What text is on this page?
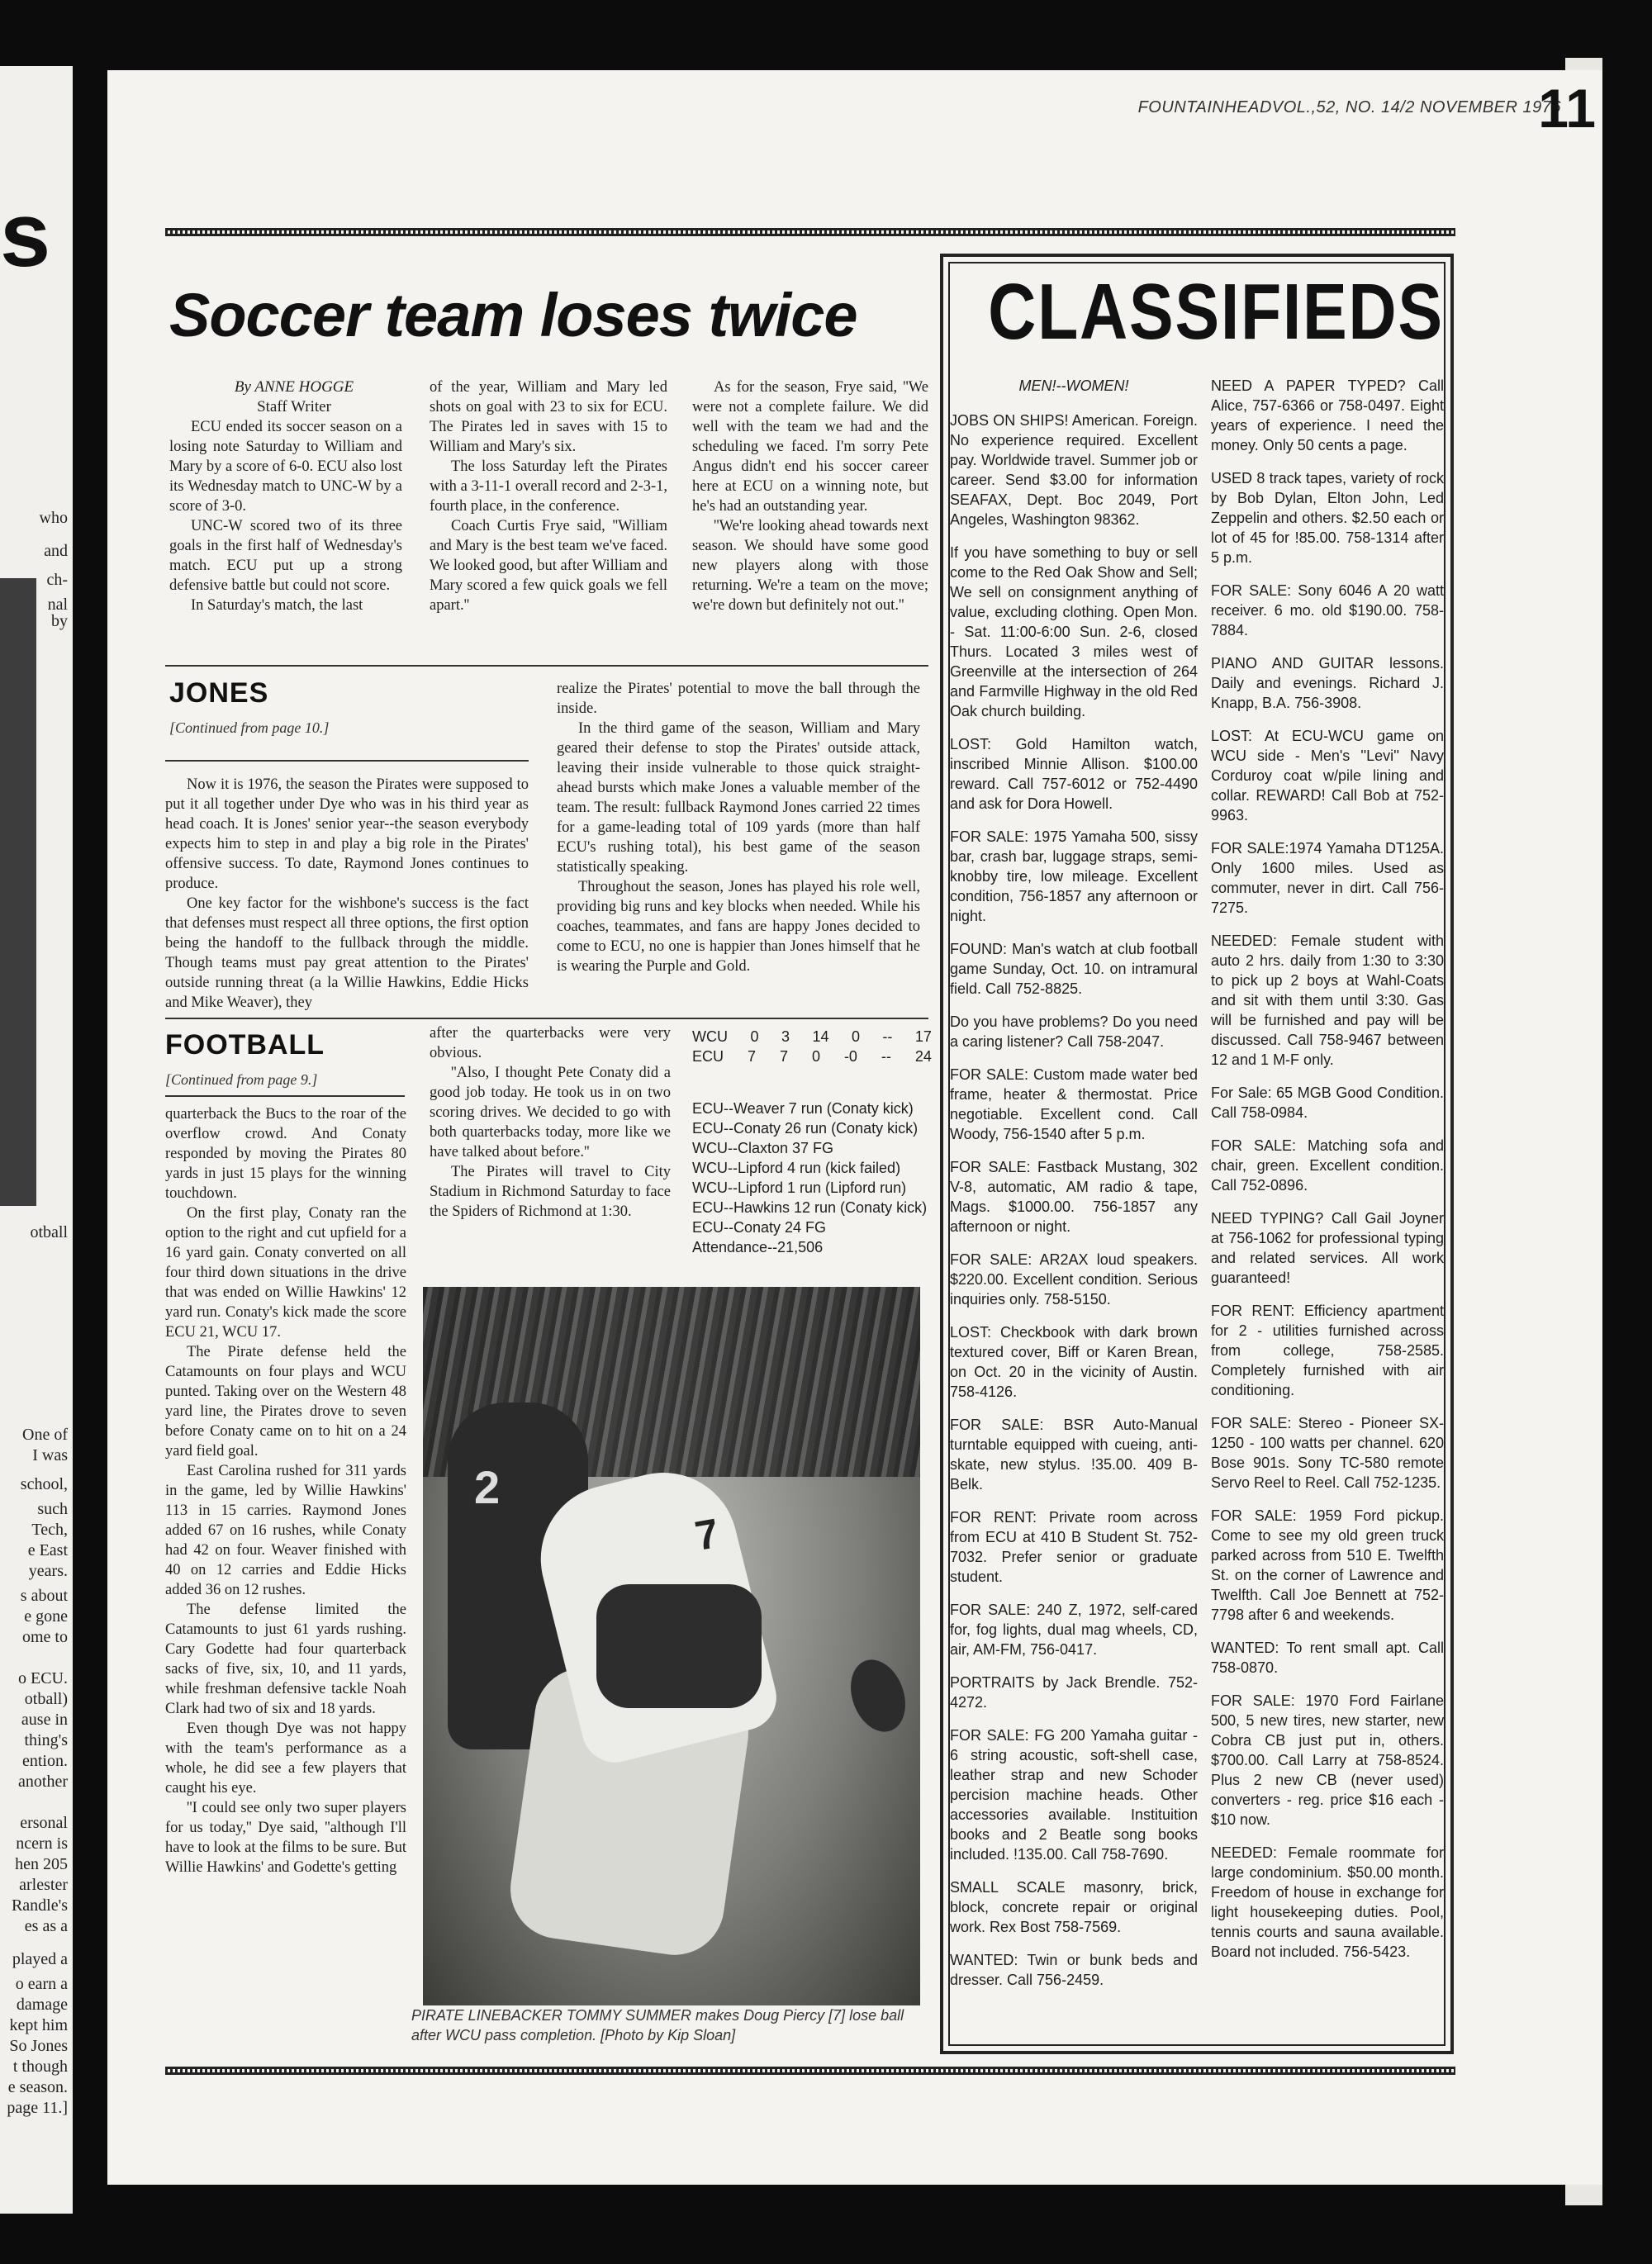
s
who
and
ch-
nal
by
otball
One of
I was
school,
such
Tech,
e East
years.
s about
e gone
ome to
o ECU.
otball)
ause in
thing's
ention.
another
ersonal
ncern is
hen 205
arlester
Randle's
es as a
played a
o earn a
damage
kept him
So Jones
t though
e season.
page 11.]
FOUNTAINHEADVOL.,52, NO. 14/2 NOVEMBER 1976
11
Soccer team loses twice
By ANNE HOGGE
Staff Writer

ECU ended its soccer season on a losing note Saturday to William and Mary by a score of 6-0. ECU also lost its Wednesday match to UNC-W by a score of 3-0.

UNC-W scored two of its three goals in the first half of Wednesday's match. ECU put up a strong defensive battle but could not score.

In Saturday's match, the last

of the year, William and Mary led shots on goal with 23 to six for ECU. The Pirates led in saves with 15 to William and Mary's six.

The loss Saturday left the Pirates with a 3-11-1 overall record and 2-3-1, fourth place, in the conference.

Coach Curtis Frye said, ''William and Mary is the best team we've faced. We looked good, but after William and Mary scored a few quick goals we fell apart.''

As for the season, Frye said, ''We were not a complete failure. We did well with the team we had and the scheduling we faced. I'm sorry Pete Angus didn't end his soccer career here at ECU on a winning note, but he's had an outstanding year.

''We're looking ahead towards next season. We should have some good new players along with those returning. We're a team on the move; we're down but definitely not out.''

JONES
[Continued from page 10.]

Now it is 1976, the season the Pirates were supposed to put it all together under Dye who was in his third year as head coach. It is Jones' senior year--the season everybody expects him to step in and play a big role in the Pirates' offensive success. To date, Raymond Jones continues to produce.

One key factor for the wishbone's success is the fact that defenses must respect all three options, the first option being the handoff to the fullback through the middle. Though teams must pay great attention to the Pirates' outside running threat (a la Willie Hawkins, Eddie Hicks and Mike Weaver), they

realize the Pirates' potential to move the ball through the inside.

In the third game of the season, William and Mary geared their defense to stop the Pirates' outside attack, leaving their inside vulnerable to those quick straight-ahead bursts which make Jones a valuable member of the team. The result: fullback Raymond Jones carried 22 times for a game-leading total of 109 yards (more than half ECU's rushing total), his best game of the season statistically speaking.

Throughout the season, Jones has played his role well, providing big runs and key blocks when needed. While his coaches, teammates, and fans are happy Jones decided to come to ECU, no one is happier than Jones himself that he is wearing the Purple and Gold.

FOOTBALL
[Continued from page 9.]

quarterback the Bucs to the roar of the overflow crowd. And Conaty responded by moving the Pirates 80 yards in just 15 plays for the winning touchdown.

On the first play, Conaty ran the option to the right and cut upfield for a 16 yard gain. Conaty converted on all four third down situations in the drive that was ended on Willie Hawkins' 12 yard run. Conaty's kick made the score ECU 21, WCU 17.

The Pirate defense held the Catamounts on four plays and WCU punted. Taking over on the Western 48 yard line, the Pirates drove to seven before Conaty came on to hit on a 24 yard field goal.

East Carolina rushed for 311 yards in the game, led by Willie Hawkins' 113 in 15 carries. Raymond Jones added 67 on 16 rushes, while Conaty had 42 on four. Weaver finished with 40 on 12 carries and Eddie Hicks added 36 on 12 rushes.

The defense limited the Catamounts to just 61 yards rushing. Cary Godette had four quarterback sacks of five, six, 10, and 11 yards, while freshman defensive tackle Noah Clark had two of six and 18 yards.

Even though Dye was not happy with the team's performance as a whole, he did see a few players that caught his eye.

''I could see only two super players for us today,'' Dye said, ''although I'll have to look at the films to be sure. But Willie Hawkins' and Godette's getting

after the quarterbacks were very obvious.

''Also, I thought Pete Conaty did a good job today. He took us in on two scoring drives. We decided to go with both quarterbacks today, more like we have talked about before.''

The Pirates will travel to City Stadium in Richmond Saturday to face the Spiders of Richmond at 1:30.

WCU 0 3 14 0 -- 17
ECU 7 7 0 -0 -- 24
ECU--Weaver 7 run (Conaty kick)
ECU--Conaty 26 run (Conaty kick)
WCU--Claxton 37 FG
WCU--Lipford 4 run (kick failed)
WCU--Lipford 1 run (Lipford run)
ECU--Hawkins 12 run (Conaty kick)
ECU--Conaty 24 FG
Attendance--21,506
2
7
PIRATE LINEBACKER TOMMY SUMMER makes Doug Piercy [7] lose ball after WCU pass completion. [Photo by Kip Sloan]
CLASSIFIEDS
MEN!--WOMEN!
JOBS ON SHIPS! American. Foreign. No experience required. Excellent pay. Worldwide travel. Summer job or career. Send $3.00 for information SEAFAX, Dept. Boc 2049, Port Angeles, Washington 98362.
If you have something to buy or sell come to the Red Oak Show and Sell; We sell on consignment anything of value, excluding clothing. Open Mon. - Sat. 11:00-6:00 Sun. 2-6, closed Thurs. Located 3 miles west of Greenville at the intersection of 264 and Farmville Highway in the old Red Oak church building.
LOST: Gold Hamilton watch, inscribed Minnie Allison. $100.00 reward. Call 757-6012 or 752-4490 and ask for Dora Howell.
FOR SALE: 1975 Yamaha 500, sissy bar, crash bar, luggage straps, semi-knobby tire, low mileage. Excellent condition, 756-1857 any afternoon or night.
FOUND: Man's watch at club football game Sunday, Oct. 10. on intramural field. Call 752-8825.
Do you have problems? Do you need a caring listener? Call 758-2047.
FOR SALE: Custom made water bed frame, heater & thermostat. Price negotiable. Excellent cond. Call Woody, 756-1540 after 5 p.m.
FOR SALE: Fastback Mustang, 302 V-8, automatic, AM radio & tape, Mags. $1000.00. 756-1857 any afternoon or night.
FOR SALE: AR2AX loud speakers. $220.00. Excellent condition. Serious inquiries only. 758-5150.
LOST: Checkbook with dark brown textured cover, Biff or Karen Brean, on Oct. 20 in the vicinity of Austin. 758-4126.
FOR SALE: BSR Auto-Manual turntable equipped with cueing, anti-skate, new stylus. !35.00. 409 B-Belk.
FOR RENT: Private room across from ECU at 410 B Student St. 752-7032. Prefer senior or graduate student.
FOR SALE: 240 Z, 1972, self-cared for, fog lights, dual mag wheels, CD, air, AM-FM, 756-0417.
PORTRAITS by Jack Brendle. 752-4272.
FOR SALE: FG 200 Yamaha guitar - 6 string acoustic, soft-shell case, leather strap and new Schoder percision machine heads. Other accessories available. Instituition books and 2 Beatle song books included. !135.00. Call 758-7690.
SMALL SCALE masonry, brick, block, concrete repair or original work. Rex Bost 758-7569.
WANTED: Twin or bunk beds and dresser. Call 756-2459.
NEED A PAPER TYPED? Call Alice, 757-6366 or 758-0497. Eight years of experience. I need the money. Only 50 cents a page.
USED 8 track tapes, variety of rock by Bob Dylan, Elton John, Led Zeppelin and others. $2.50 each or lot of 45 for !85.00. 758-1314 after 5 p.m.
FOR SALE: Sony 6046 A 20 watt receiver. 6 mo. old $190.00. 758-7884.
PIANO AND GUITAR lessons. Daily and evenings. Richard J. Knapp, B.A. 756-3908.
LOST: At ECU-WCU game on WCU side - Men's ''Levi'' Navy Corduroy coat w/pile lining and collar. REWARD! Call Bob at 752-9963.
FOR SALE:1974 Yamaha DT125A. Only 1600 miles. Used as commuter, never in dirt. Call 756-7275.
NEEDED: Female student with auto 2 hrs. daily from 1:30 to 3:30 to pick up 2 boys at Wahl-Coats and sit with them until 3:30. Gas will be furnished and pay will be discussed. Call 758-9467 between 12 and 1 M-F only.
For Sale: 65 MGB Good Condition. Call 758-0984.
FOR SALE: Matching sofa and chair, green. Excellent condition. Call 752-0896.
NEED TYPING? Call Gail Joyner at 756-1062 for professional typing and related services. All work guaranteed!
FOR RENT: Efficiency apartment for 2 - utilities furnished across from college, 758-2585. Completely furnished with air conditioning.
FOR SALE: Stereo - Pioneer SX-1250 - 100 watts per channel. 620 Bose 901s. Sony TC-580 remote Servo Reel to Reel. Call 752-1235.
FOR SALE: 1959 Ford pickup. Come to see my old green truck parked across from 510 E. Twelfth St. on the corner of Lawrence and Twelfth. Call Joe Bennett at 752-7798 after 6 and weekends.
WANTED: To rent small apt. Call 758-0870.
FOR SALE: 1970 Ford Fairlane 500, 5 new tires, new starter, new Cobra CB just put in, others. $700.00. Call Larry at 758-8524. Plus 2 new CB (never used) converters - reg. price $16 each - $10 now.
NEEDED: Female roommate for large condominium. $50.00 month. Freedom of house in exchange for light housekeeping duties. Pool, tennis courts and sauna available. Board not included. 756-5423.
